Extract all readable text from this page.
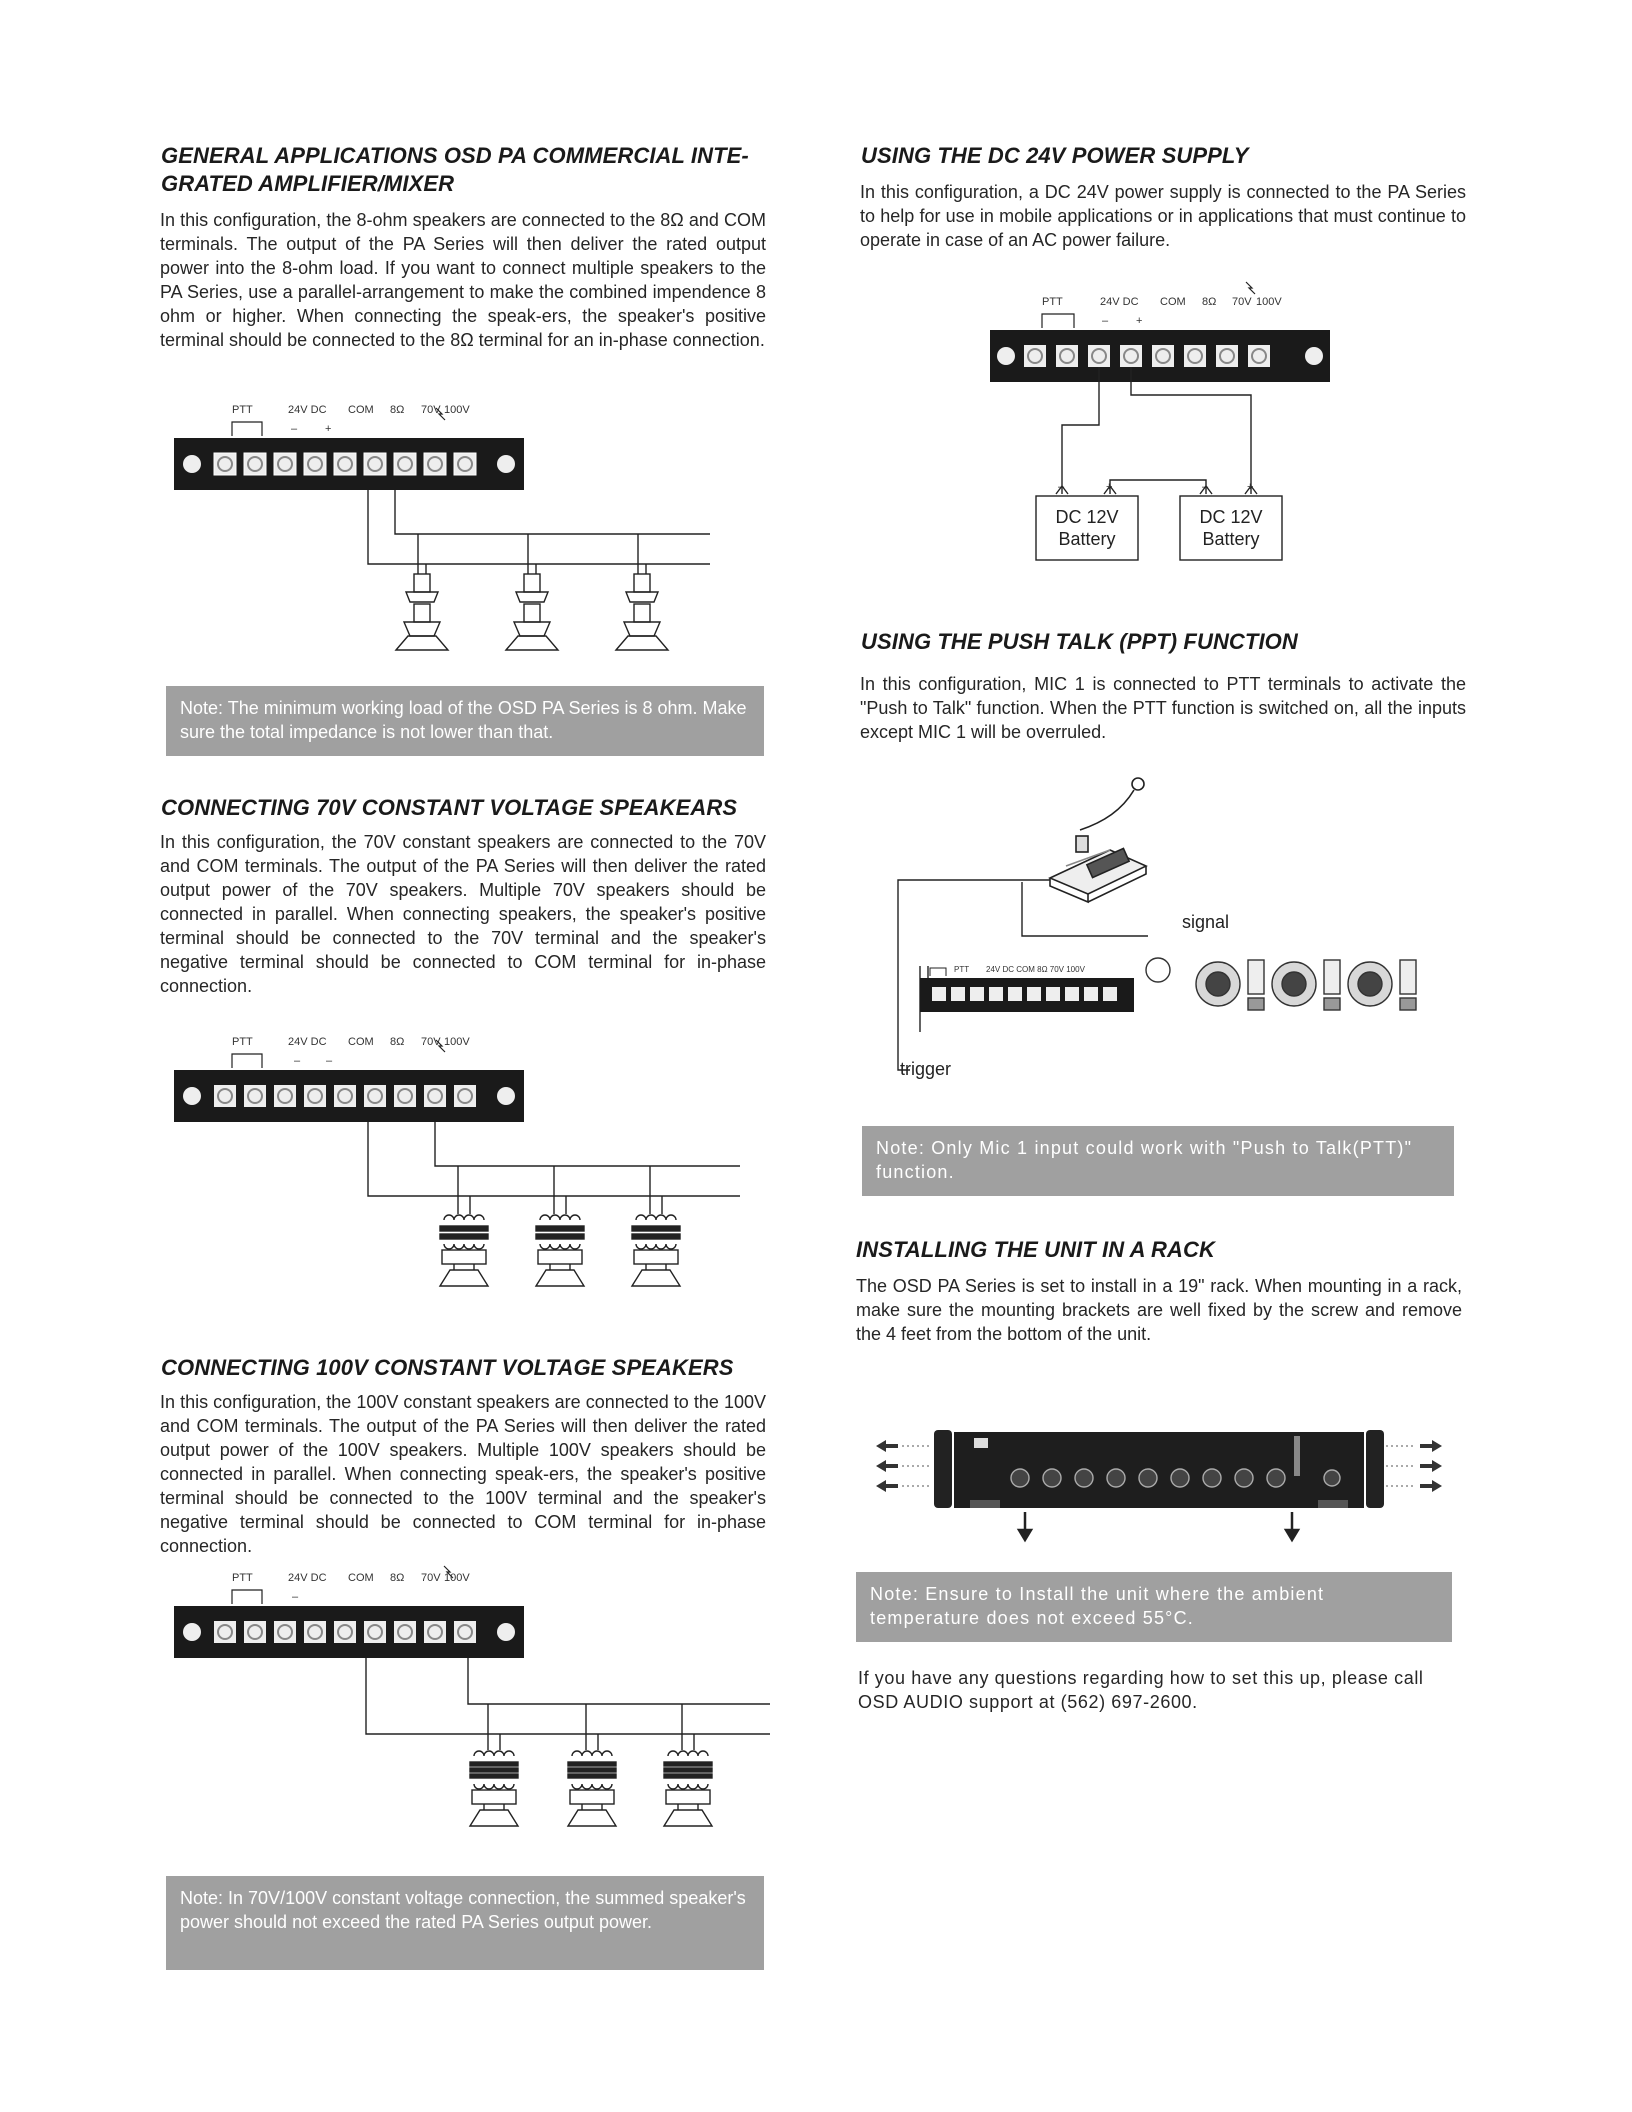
GENERAL APPLICATIONS OSD PA COMMERCIAL INTE-GRATED AMPLIFIER/MIXER
In this configuration, the 8-ohm speakers are connected to the 8Ω and COM terminals. The output of the PA Series will then deliver the rated output power into the 8-ohm load. If you want to connect multiple speakers to the PA Series, use a parallel-arrangement to make the combined impendence 8 ohm or higher. When connecting the speak-ers, the speaker's positive terminal should be connected to the 8Ω terminal for an in-phase connection.
PTT	24V DC COM 8Ω 70V 100V
–	+
Note: The minimum working load of the OSD PA Series is 8 ohm. Make sure the total impedance is not lower than that.
CONNECTING 70V CONSTANT VOLTAGE SPEAKEARS
In this configuration, the 70V constant speakers are connected to the 70V and COM terminals. The output of the PA Series will then deliver the rated output power of the 70V speakers. Multiple 70V speakers should be connected in parallel. When connecting speakers, the speaker's positive terminal should be connected to the 70V terminal and the speaker's negative terminal should be connected to COM terminal for in-phase connection.
PTT	24V DC COM 8Ω 70V 100V
– –
CONNECTING 100V CONSTANT VOLTAGE SPEAKERS
In this configuration, the 100V constant speakers are connected to the 100V and COM terminals. The output of the PA Series will then deliver the rated output power of the 100V speakers. Multiple 100V speakers should be connected in parallel. When connecting speak-ers, the speaker's positive terminal should be connected to the 100V terminal and the speaker's negative terminal should be connected to COM terminal for in-phase connection.
PTT	24V DC COM 8Ω 70V 100V
–
Note: In 70V/100V constant voltage connection, the summed speaker's power should not exceed the rated PA Series output power.
USING THE DC 24V POWER SUPPLY
In this configuration, a DC 24V power supply is connected to the PA Series to help for use in mobile applications or in applications that must continue to operate in case of an AC power failure.
PTT	24V DC COM 8Ω 70V 100V
–	+
–	+	–	+
DC 12V
Battery
DC 12V
Battery
USING THE PUSH TALK (PPT) FUNCTION
In this configuration, MIC 1 is connected to PTT terminals to activate the "Push to Talk" function. When the PTT function is switched on, all the inputs except MIC 1 will be overruled.
signal
trigger
PTT 24V DC COM 8Ω 70V 100V
Note: Only Mic 1 input could work with "Push to Talk(PTT)" function.
INSTALLING THE UNIT IN A RACK
The OSD PA Series is set to install in a 19" rack. When mounting in a rack, make sure the mounting brackets are well fixed by the screw and remove the 4 feet from the bottom of the unit.
Note: Ensure to Install the unit where the ambient temperature does not exceed 55°C.
If you have any questions regarding how to set this up, please call OSD AUDIO support at (562) 697-2600.
